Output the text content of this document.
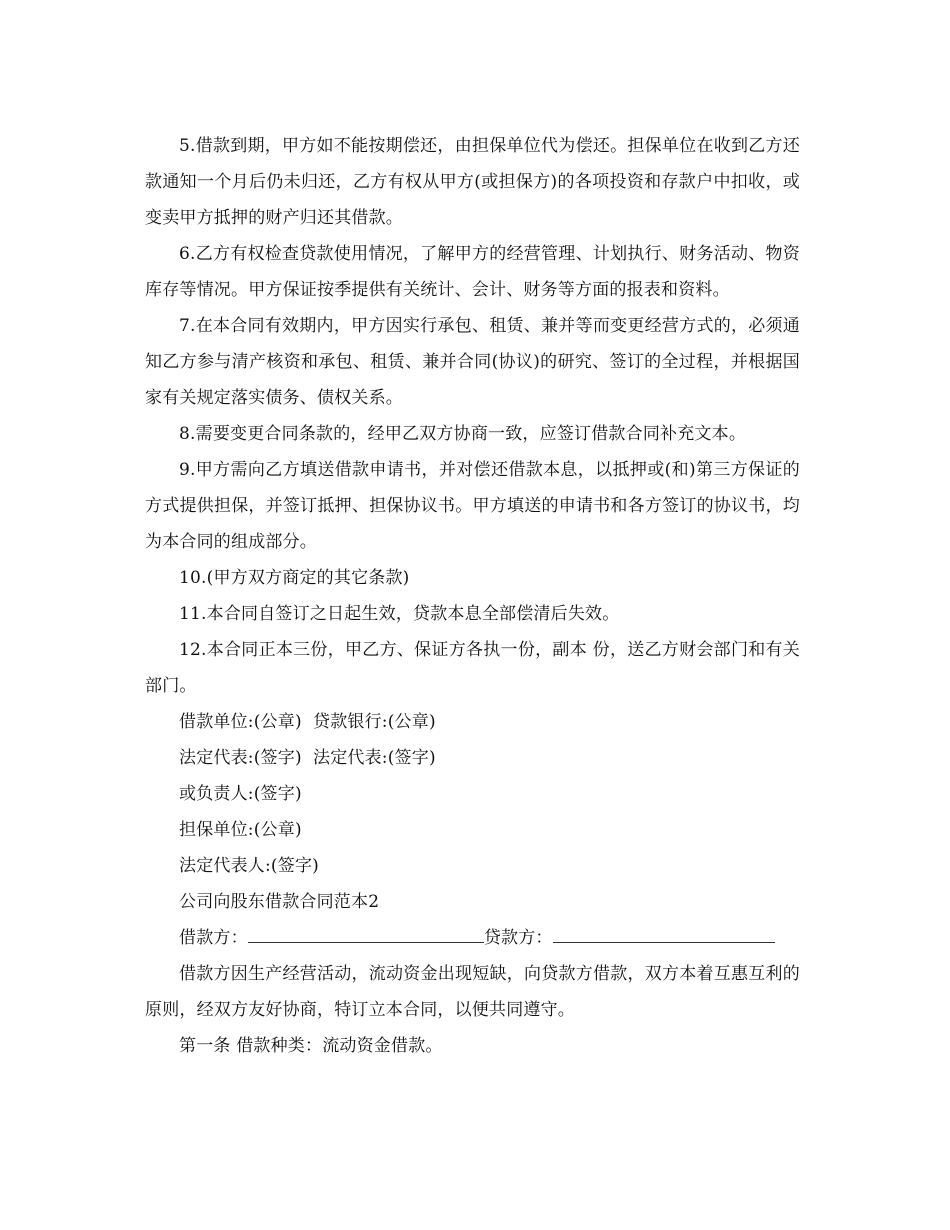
5.借款到期，甲方如不能按期偿还，由担保单位代为偿还。担保单位在收到乙方还款通知一个月后仍未归还，乙方有权从甲方(或担保方)的各项投资和存款户中扣收，或变卖甲方抵押的财产归还其借款。

6.乙方有权检查贷款使用情况，了解甲方的经营管理、计划执行、财务活动、物资库存等情况。甲方保证按季提供有关统计、会计、财务等方面的报表和资料。

7.在本合同有效期内，甲方因实行承包、租赁、兼并等而变更经营方式的，必须通知乙方参与清产核资和承包、租赁、兼并合同(协议)的研究、签订的全过程，并根据国家有关规定落实债务、债权关系。

8.需要变更合同条款的，经甲乙双方协商一致，应签订借款合同补充文本。

9.甲方需向乙方填送借款申请书，并对偿还借款本息，以抵押或(和)第三方保证的方式提供担保，并签订抵押、担保协议书。甲方填送的申请书和各方签订的协议书，均为本合同的组成部分。

10.(甲方双方商定的其它条款)

11.本合同自签订之日起生效，贷款本息全部偿清后失效。

12.本合同正本三份，甲乙方、保证方各执一份，副本 份，送乙方财会部门和有关部门。

借款单位:(公章)  贷款银行:(公章)

法定代表:(签字)  法定代表:(签字)

或负责人:(签字)

担保单位:(公章)

法定代表人:(签字)

公司向股东借款合同范本2

借款方：	贷款方：

借款方因生产经营活动，流动资金出现短缺，向贷款方借款，双方本着互惠互利的原则，经双方友好协商，特订立本合同，以便共同遵守。

第一条 借款种类：流动资金借款。
